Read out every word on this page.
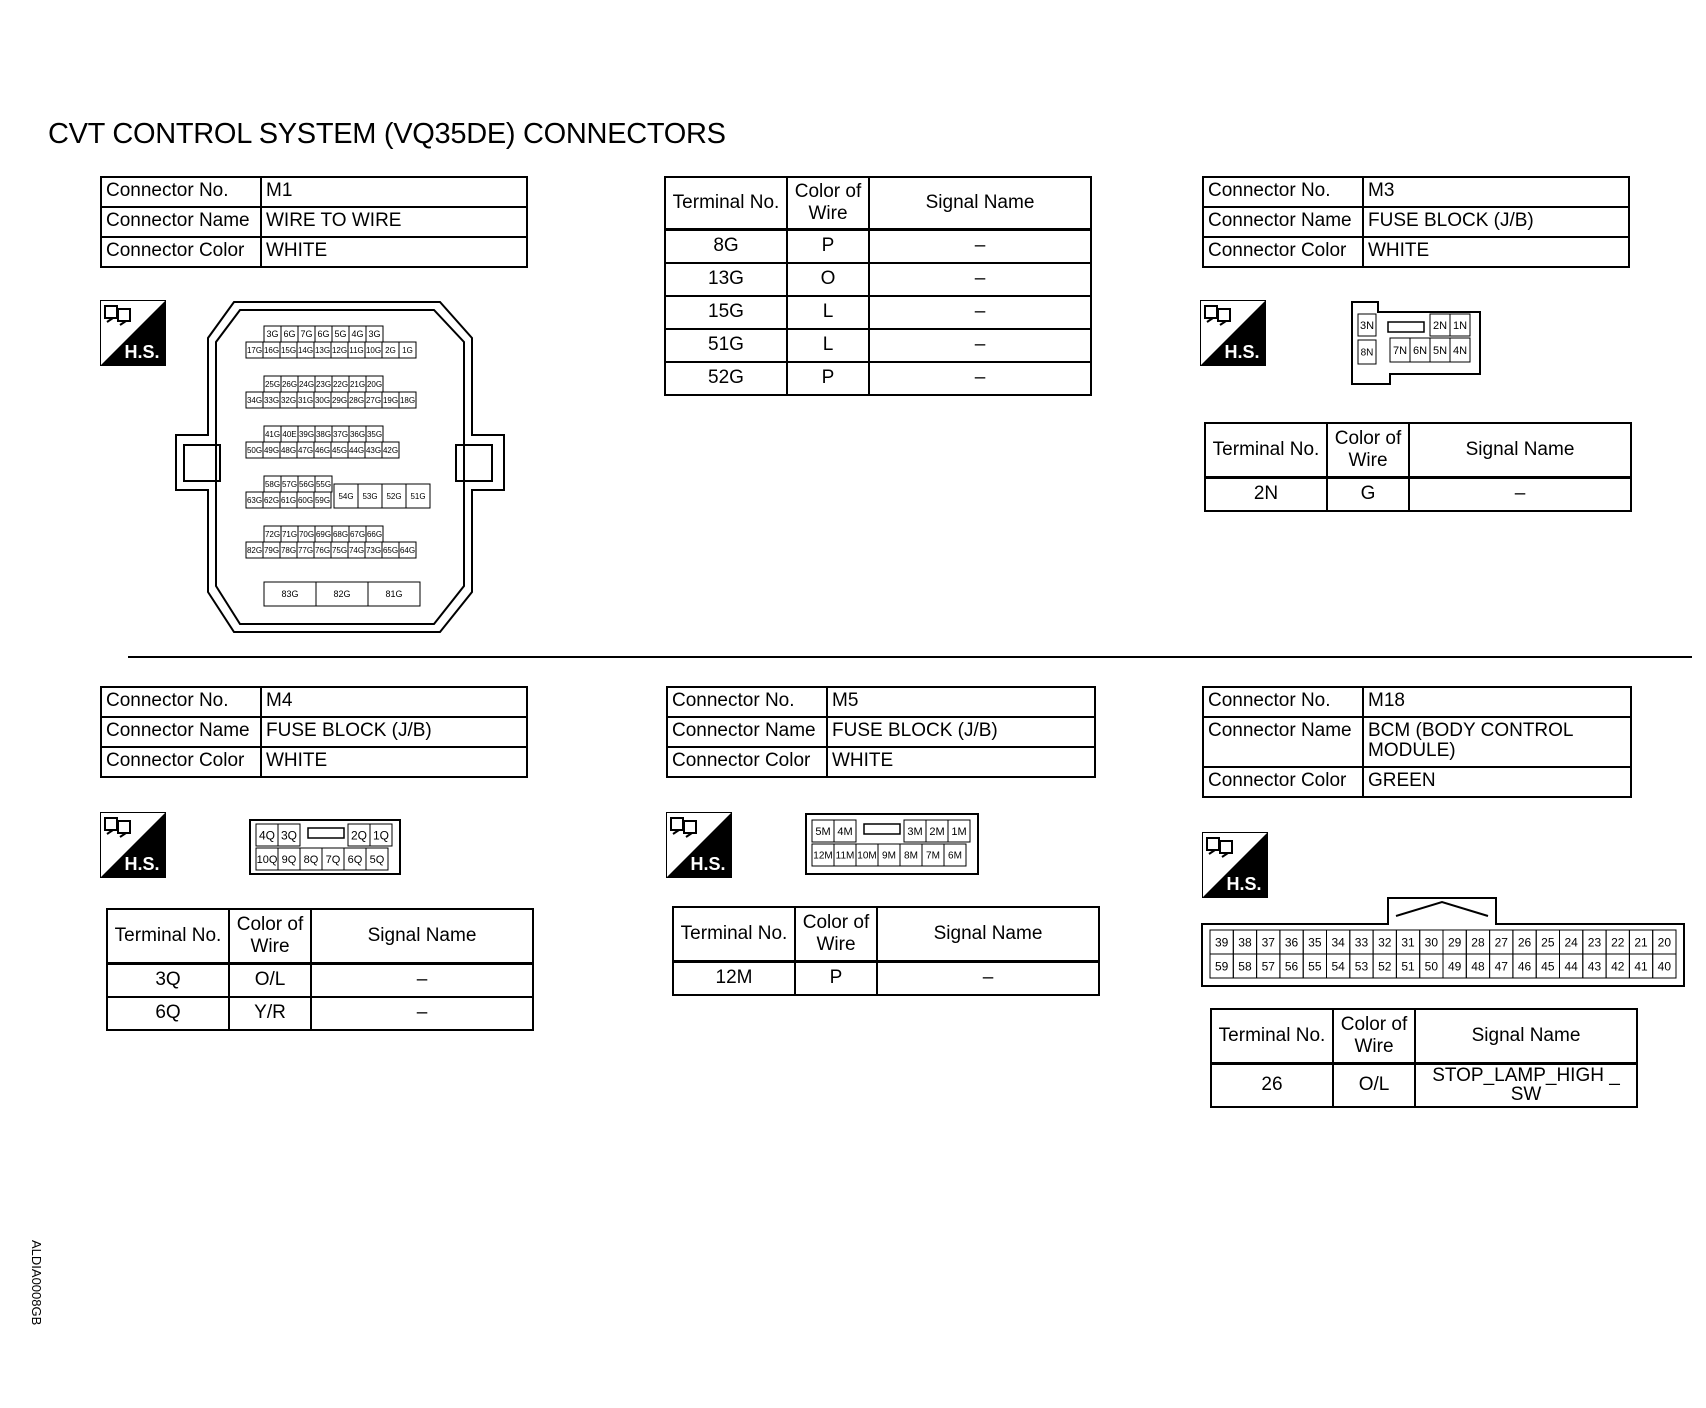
CVT CONTROL SYSTEM (VQ35DE) CONNECTORS
Connector No.	M1
Connector Name	WIRE TO WIRE
Connector Color	WHITE
H.S.	H.S.
H.S.	H.S.
H.S.
3G 6G 7G 6G 5G 4G 3G
17G 16G 15G 14G 13G 12G 11G 10G 2G 1G
25G 26G 24G 23G 22G 21G 20G
34G 33G 32G 31G 30G 29G 28G 27G 19G 18G
41G 40E 39G 38G 37G 36G 35G
50G 49G 48G 47G 46G 45G 44G 43G 42G
58G 57G 56G 55G
63G 62G 61G 60G 59G 54G 53G 52G 51G
72G 71G 70G 69G 68G 67G 66G
82G 79G 78G 77G 76G 75G 74G 73G 65G 64G
83G	82G	81G
Terminal No.	Color of Wire	Signal Name
8G	P	–
13G	O	–
15G	L	–
51G	L	–
52G	P	–
Connector No.	M3
Connector Name	FUSE BLOCK (J/B)
Connector Color	WHITE
3N	2N 1N
8N 7N 6N 5N 4N
Terminal No.	Color of Wire	Signal Name
2N	G	–
Connector No.	M4
Connector Name	FUSE BLOCK (J/B)
Connector Color	WHITE
4Q 3Q	2Q 1Q
10Q 9Q 8Q 7Q 6Q 5Q
Terminal No.	Color of Wire	Signal Name
3Q	O/L	–
6Q	Y/R	–
Connector No.	M5
Connector Name	FUSE BLOCK (J/B)
Connector Color	WHITE
5M 4M	3M 2M 1M
12M 11M 10M 9M 8M 7M 6M
Terminal No.	Color of Wire	Signal Name
12M	P	–
Connector No.	M18
Connector Name	BCM (BODY CONTROL MODULE)
Connector Color	GREEN
39 38 37 36 35 34 33 32 31 30 29 28 27 26 25 24 23 22 21 20
59 58 57 56 55 54 53 52 51 50 49 48 47 46 45 44 43 42 41 40
Terminal No.	Color of Wire	Signal Name
26	O/L	STOP_LAMP_HIGH _ SW
ALDIA0008GB
